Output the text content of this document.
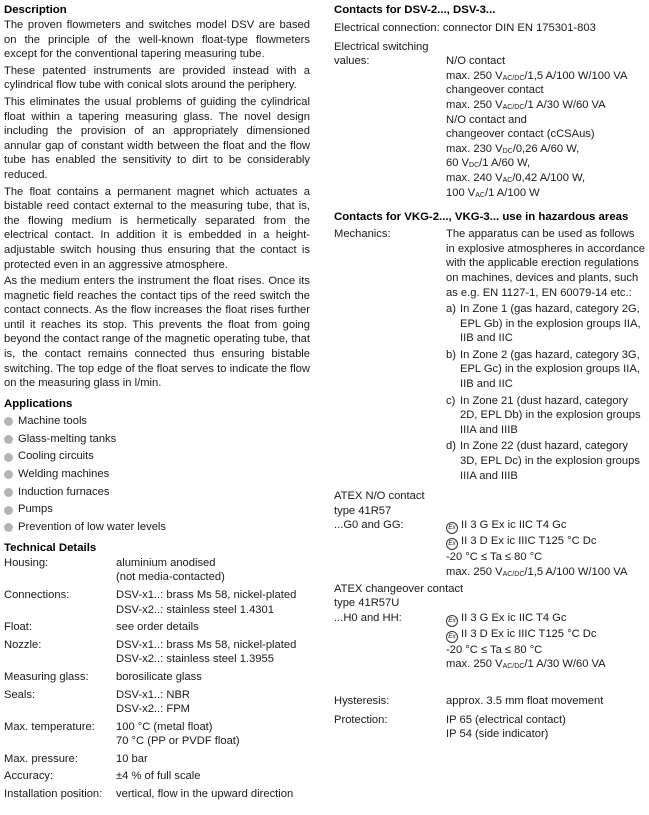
Description

The proven flowmeters and switches model DSV are based on the principle of the well-known float-type flowmeters except for the conventional tapering measuring tube.

These patented instruments are provided instead with a cylindrical flow tube with conical slots around the periphery.

This eliminates the usual problems of guiding the cylindrical float within a tapering measuring glass. The novel design including the provision of an appropriately dimensioned annular gap of constant width between the float and the flow tube has enabled the sensitivity to dirt to be considerably reduced.

The float contains a permanent magnet which actuates a bistable reed contact external to the measuring tube, that is, the flowing medium is hermetically separated from the electrical contact. In addition it is embedded in a height-adjustable switch housing thus ensuring that the contact is protected even in an aggressive atmosphere.

As the medium enters the instrument the float rises. Once its magnetic field reaches the contact tips of the reed switch the contact connects. As the flow increases the float rises further until it reaches its stop. This prevents the float from going beyond the contact range of the magnetic operating tube, that is, the contact remains connected thus ensuring bistable switching. The top edge of the float serves to indicate the flow on the measuring glass in l/min.

Applications
Machine tools
Glass-melting tanks
Cooling circuits
Welding machines
Induction furnaces
Pumps
Prevention of low water levels
Technical Details
Housing:	aluminium anodised
(not media-contacted)
Connections:	DSV-x1..: brass Ms 58, nickel-plated
DSV-x2..: stainless steel 1.4301
Float:	see order details
Nozzle:	DSV-x1..: brass Ms 58, nickel-plated
DSV-x2..: stainless steel 1.3955
Measuring glass:	borosilicate glass
Seals:	DSV-x1..: NBR
DSV-x2..: FPM
Max. temperature:	100 °C (metal float)
70 °C (PP or PVDF float)
Max. pressure:	10 bar
Accuracy:	±4 % of full scale
Installation position:	vertical, flow in the upward direction
Contacts for DSV-2..., DSV-3...
Electrical connection: connector DIN EN 175301-803
Electrical switching
values:	N/O contact
max. 250 VAC/DC/1,5 A/100 W/100 VA
changeover contact
max. 250 VAC/DC/1 A/30 W/60 VA
N/O contact and
changeover contact (cCSAus)
max. 230 VDC/0,26 A/60 W,
60 VDC/1 A/60 W,
max. 240 VAC/0,42 A/100 W,
100 VAC/1 A/100 W
Contacts for VKG-2..., VKG-3... use in hazardous areas
Mechanics:	The apparatus can be used as follows in explosive atmospheres in accordance with the applicable erection regulations on machines, devices and plants, such as e.g. EN 1127-1, EN 60079-14 etc.:
a) In Zone 1 (gas hazard, category 2G, EPL Gb) in the explosion groups IIA, IIB and IIC
b) In Zone 2 (gas hazard, category 3G, EPL Gc) in the explosion groups IIA, IIB and IIC
c) In Zone 21 (dust hazard, category 2D, EPL Db) in the explosion groups IIIA and IIIB
d) In Zone 22 (dust hazard, category 3D, EPL Dc) in the explosion groups IIIA and IIIB
ATEX N/O contact
type 41R57
...G0 and GG:	Ex II 3 G Ex ic IIC T4 Gc
Ex II 3 D Ex ic IIIC T125 °C Dc
-20 °C ≤ Ta ≤ 80 °C
max. 250 VAC/DC/1,5 A/100 W/100 VA
ATEX changeover contact
type 41R57U
...H0 and HH:	Ex II 3 G Ex ic IIC T4 Gc
Ex II 3 D Ex ic IIIC T125 °C Dc
-20 °C ≤ Ta ≤ 80 °C
max. 250 VAC/DC/1 A/30 W/60 VA
Hysteresis:	approx. 3.5 mm float movement
Protection:	IP 65 (electrical contact)
IP 54 (side indicator)
